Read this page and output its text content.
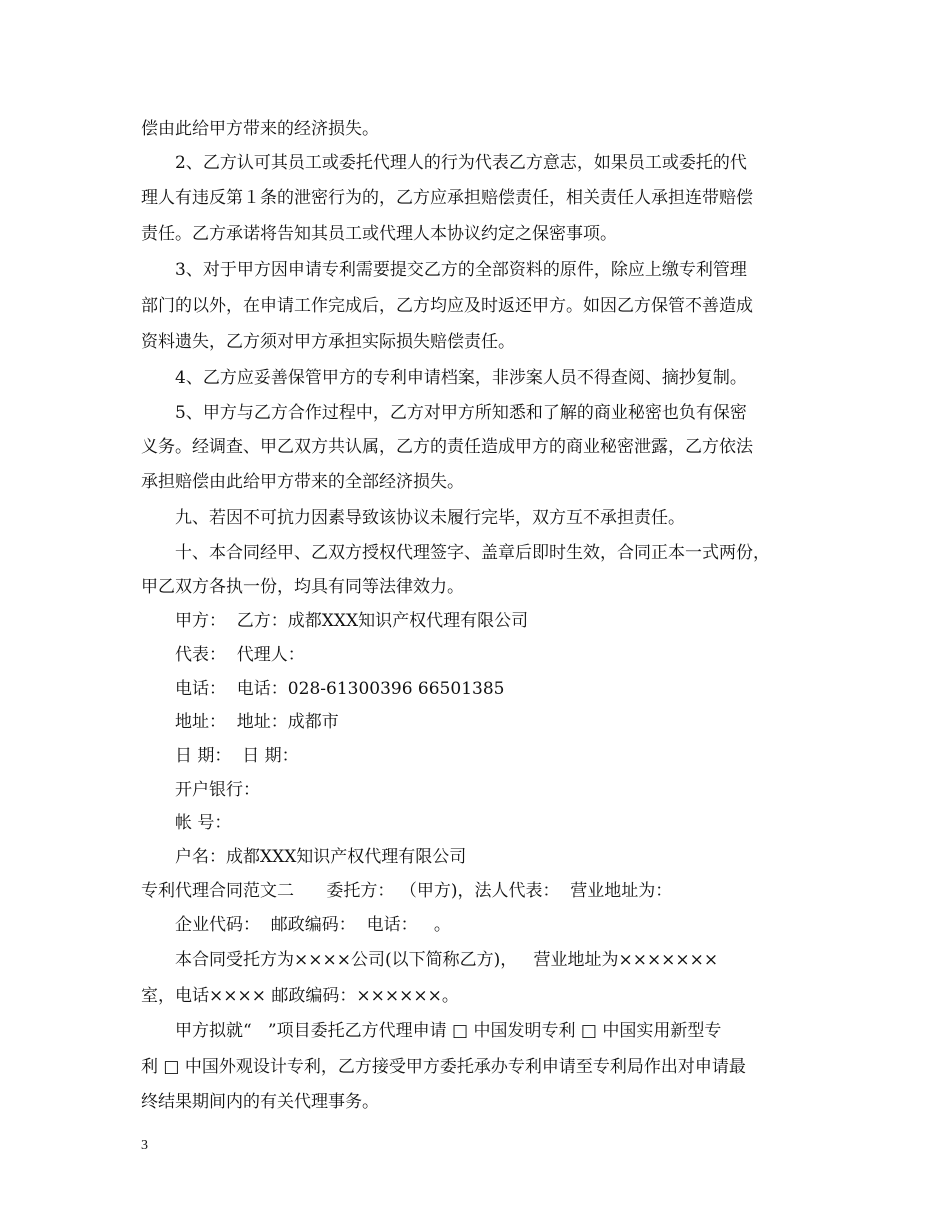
偿由此给甲方带来的经济损失。
2、乙方认可其员工或委托代理人的行为代表乙方意志，如果员工或委托的代
理人有违反第１条的泄密行为的，乙方应承担赔偿责任，相关责任人承担连带赔偿
责任。乙方承诺将告知其员工或代理人本协议约定之保密事项。
3、对于甲方因申请专利需要提交乙方的全部资料的原件，除应上缴专利管理
部门的以外，在申请工作完成后，乙方均应及时返还甲方。如因乙方保管不善造成
资料遗失，乙方须对甲方承担实际损失赔偿责任。
4、乙方应妥善保管甲方的专利申请档案，非涉案人员不得查阅、摘抄复制。
5、甲方与乙方合作过程中，乙方对甲方所知悉和了解的商业秘密也负有保密
义务。经调查、甲乙双方共认属，乙方的责任造成甲方的商业秘密泄露，乙方依法
承担赔偿由此给甲方带来的全部经济损失。
九、若因不可抗力因素导致该协议未履行完毕，双方互不承担责任。
十、本合同经甲、乙双方授权代理签字、盖章后即时生效，合同正本一式两份，
甲乙双方各执一份，均具有同等法律效力。
甲方：  乙方：成都XXX知识产权代理有限公司
代表：  代理人：
电话：  电话：028-61300396 66501385
地址：  地址：成都市
日 期：  日 期：
开户银行：
帐 号：
户名：成都XXX知识产权代理有限公司
专利代理合同范文二      委托方： （甲方)，法人代表：  营业地址为：
企业代码：  邮政编码：  电话：   。
本合同受托方为××××公司(以下简称乙方)，   营业地址为×××××××
室，电话×××× 邮政编码：××××××。
甲方拟就“   ”项目委托乙方代理申请 □ 中国发明专利 □ 中国实用新型专
利 □ 中国外观设计专利，乙方接受甲方委托承办专利申请至专利局作出对申请最
终结果期间内的有关代理事务。
3
